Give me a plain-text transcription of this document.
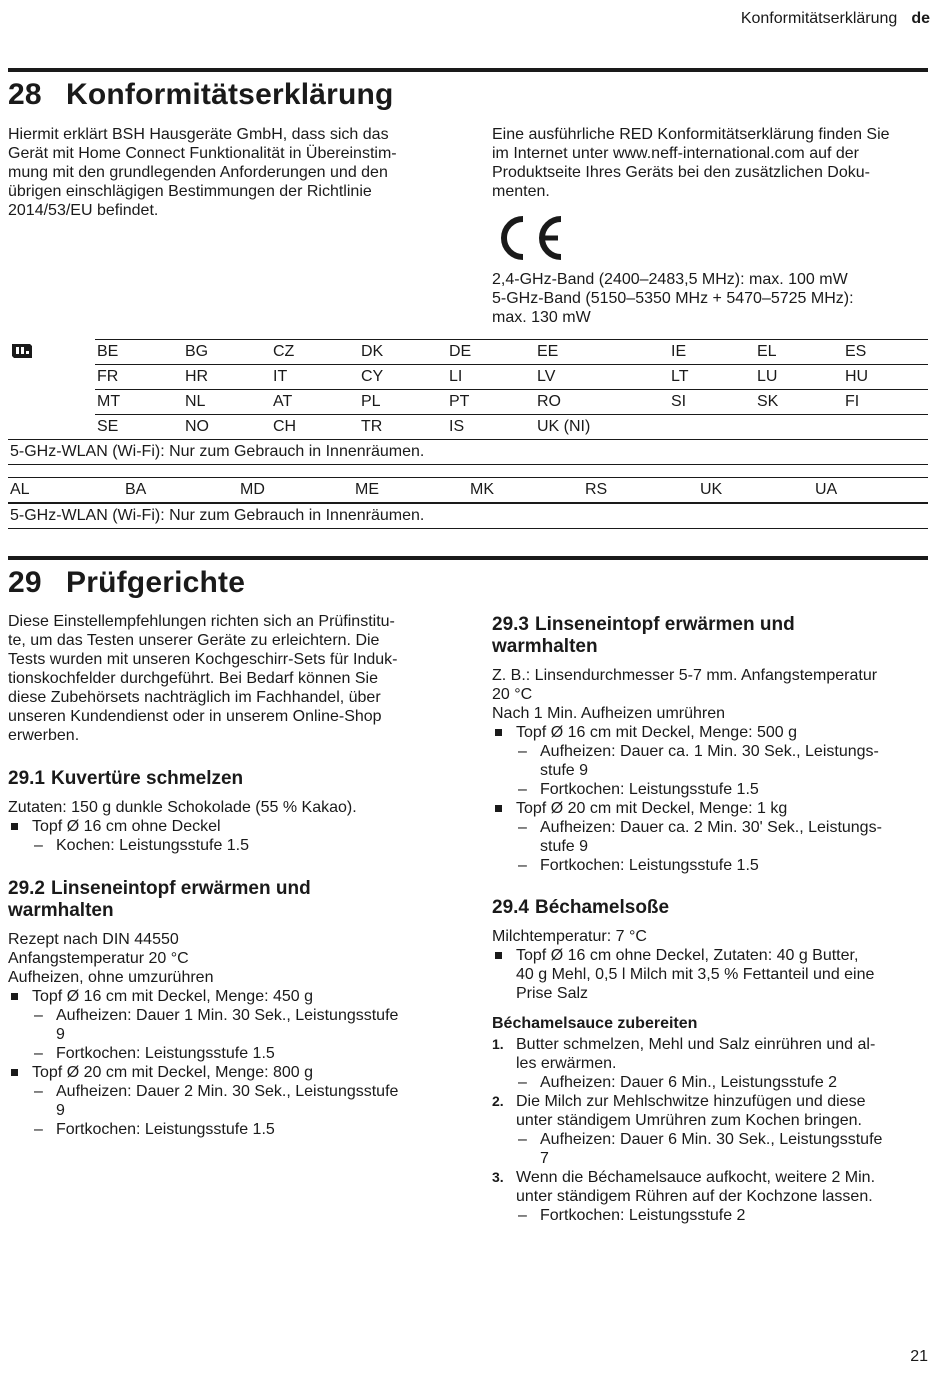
Konformitätserklärung de
28 Konformitätserklärung
Hiermit erklärt BSH Hausgeräte GmbH, dass sich das
Gerät mit Home Connect Funktionalität in Übereinstim-
mung mit den grundlegenden Anforderungen und den
übrigen einschlägigen Bestimmungen der Richtlinie
2014/53/EU befindet.
Eine ausführliche RED Konformitätserklärung finden Sie
im Internet unter www.neff-international.com auf der
Produktseite Ihres Geräts bei den zusätzlichen Doku-
menten.
2,4-GHz-Band (2400–2483,5 MHz): max. 100 mW
5-GHz-Band (5150–5350 MHz + 5470–5725 MHz):
max. 130 mW
BE	BG	CZ	DK	DE	EE	IE	EL	ES
FR	HR	IT	CY	LI	LV	LT	LU	HU
MT	NL	AT	PL	PT	RO	SI	SK	FI
SE	NO	CH	TR	IS	UK (NI)			
5-GHz-WLAN (Wi-Fi): Nur zum Gebrauch in Innenräumen.
AL	BA	MD	ME	MK	RS	UK	UA
5-GHz-WLAN (Wi-Fi): Nur zum Gebrauch in Innenräumen.
29 Prüfgerichte
Diese Einstellempfehlungen richten sich an Prüfinstitu-
te, um das Testen unserer Geräte zu erleichtern. Die
Tests wurden mit unseren Kochgeschirr-Sets für Induk-
tionskochfelder durchgeführt. Bei Bedarf können Sie
diese Zubehörsets nachträglich im Fachhandel, über
unseren Kundendienst oder in unserem Online-Shop
erwerben.
29.1 Kuvertüre schmelzen
Zutaten: 150 g dunkle Schokolade (55 % Kakao).
Topf Ø 16 cm ohne Deckel
– Kochen: Leistungsstufe 1.5
29.2 Linseneintopf erwärmen und
warmhalten
Rezept nach DIN 44550
Anfangstemperatur 20 °C
Aufheizen, ohne umzurühren
Topf Ø 16 cm mit Deckel, Menge: 450 g
– Aufheizen: Dauer 1 Min. 30 Sek., Leistungsstufe
9
– Fortkochen: Leistungsstufe 1.5
Topf Ø 20 cm mit Deckel, Menge: 800 g
– Aufheizen: Dauer 2 Min. 30 Sek., Leistungsstufe
9
– Fortkochen: Leistungsstufe 1.5
29.3 Linseneintopf erwärmen und
warmhalten
Z. B.: Linsendurchmesser 5-7 mm. Anfangstemperatur
20 °C
Nach 1 Min. Aufheizen umrühren
Topf Ø 16 cm mit Deckel, Menge: 500 g
– Aufheizen: Dauer ca. 1 Min. 30 Sek., Leistungs-
stufe 9
– Fortkochen: Leistungsstufe 1.5
Topf Ø 20 cm mit Deckel, Menge: 1 kg
– Aufheizen: Dauer ca. 2 Min. 30' Sek., Leistungs-
stufe 9
– Fortkochen: Leistungsstufe 1.5
29.4 Béchamelsoße
Milchtemperatur: 7 °C
Topf Ø 16 cm ohne Deckel, Zutaten: 40 g Butter,
40 g Mehl, 0,5 l Milch mit 3,5 % Fettanteil und eine
Prise Salz
Béchamelsauce zubereiten
1. Butter schmelzen, Mehl und Salz einrühren und al-
les erwärmen.
– Aufheizen: Dauer 6 Min., Leistungsstufe 2
2. Die Milch zur Mehlschwitze hinzufügen und diese
unter ständigem Umrühren zum Kochen bringen.
– Aufheizen: Dauer 6 Min. 30 Sek., Leistungsstufe
7
3. Wenn die Béchamelsauce aufkocht, weitere 2 Min.
unter ständigem Rühren auf der Kochzone lassen.
– Fortkochen: Leistungsstufe 2
21
